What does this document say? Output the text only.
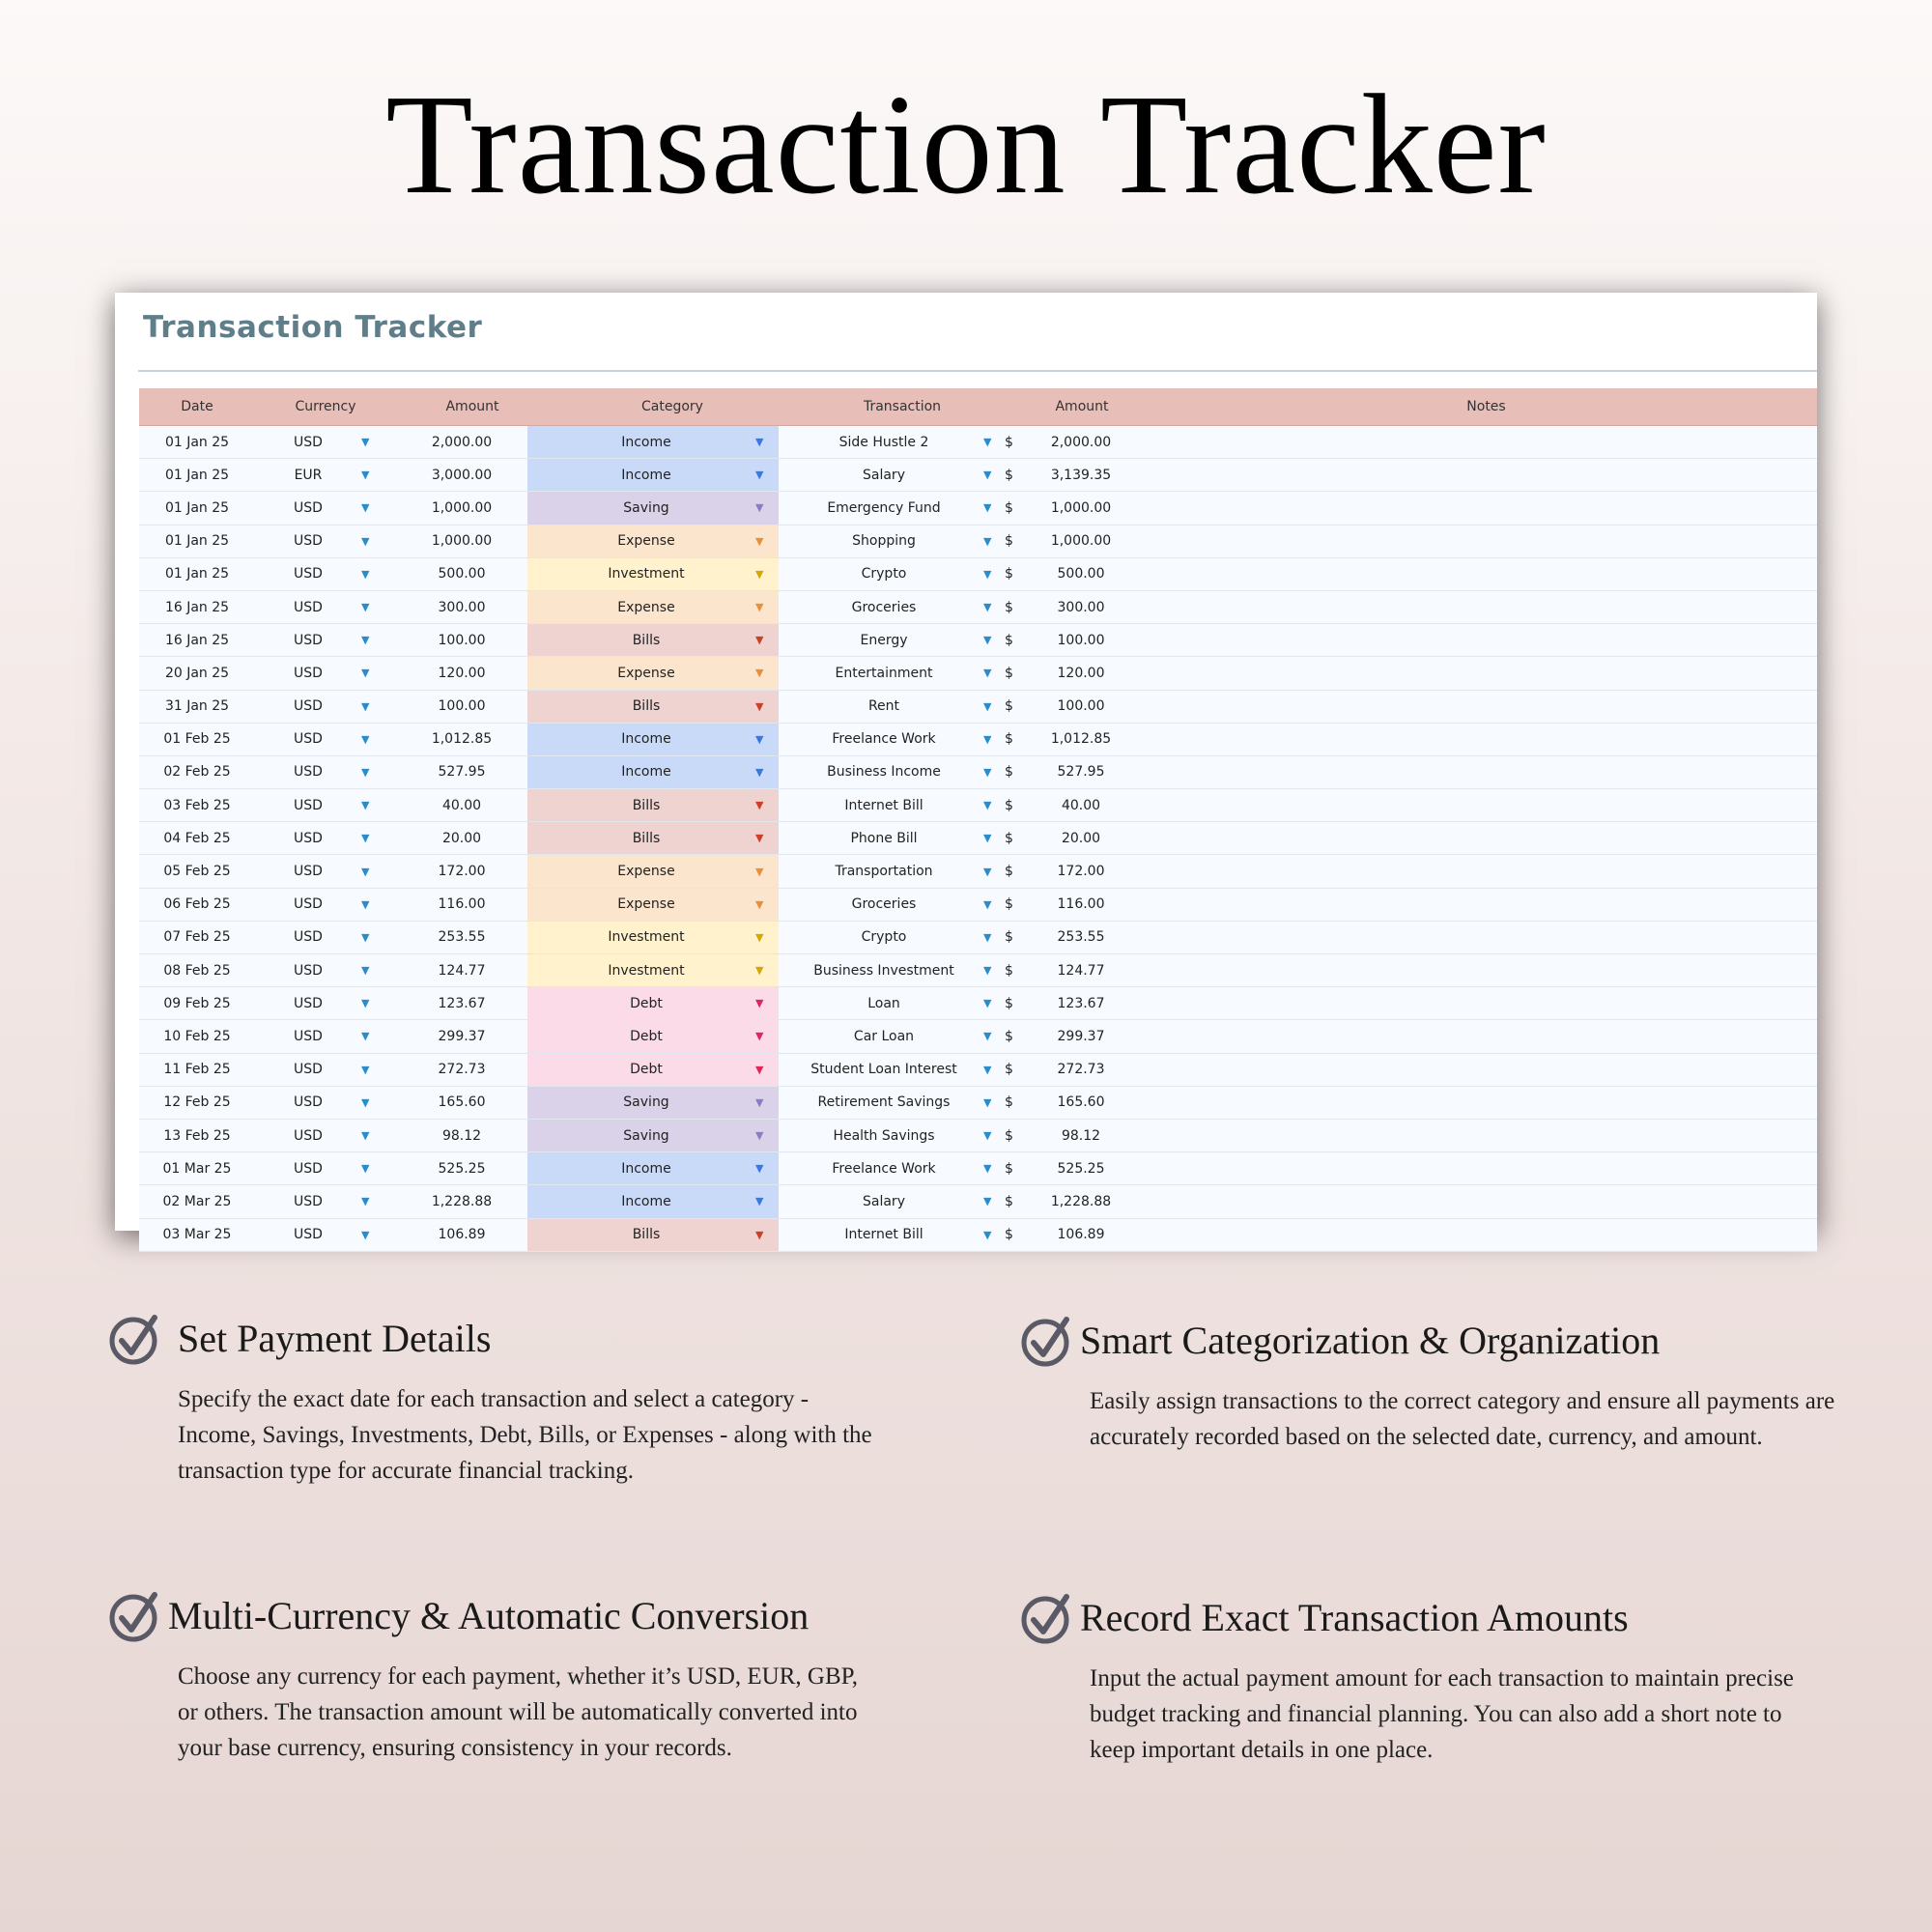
Transaction Tracker
Transaction Tracker
Date	Currency	Amount	Category	Transaction	Amount	Notes
01 Jan 25	USD	▼	2,000.00	Income	▼	Side Hustle 2	▼ $	2,000.00
01 Jan 25	EUR	▼	3,000.00	Income	▼	Salary	▼ $	3,139.35
01 Jan 25	USD	▼	1,000.00	Saving	▼	Emergency Fund	▼ $	1,000.00
01 Jan 25	USD	▼	1,000.00	Expense	▼	Shopping	▼ $	1,000.00
01 Jan 25	USD	▼	500.00	Investment	▼	Crypto	▼ $	500.00
16 Jan 25	USD	▼	300.00	Expense	▼	Groceries	▼ $	300.00
16 Jan 25	USD	▼	100.00	Bills	▼	Energy	▼ $	100.00
20 Jan 25	USD	▼	120.00	Expense	▼	Entertainment	▼ $	120.00
31 Jan 25	USD	▼	100.00	Bills	▼	Rent	▼ $	100.00
01 Feb 25	USD	▼	1,012.85	Income	▼	Freelance Work	▼ $	1,012.85
02 Feb 25	USD	▼	527.95	Income	▼	Business Income	▼ $	527.95
03 Feb 25	USD	▼	40.00	Bills	▼	Internet Bill	▼ $	40.00
04 Feb 25	USD	▼	20.00	Bills	▼	Phone Bill	▼ $	20.00
05 Feb 25	USD	▼	172.00	Expense	▼	Transportation	▼ $	172.00
06 Feb 25	USD	▼	116.00	Expense	▼	Groceries	▼ $	116.00
07 Feb 25	USD	▼	253.55	Investment	▼	Crypto	▼ $	253.55
08 Feb 25	USD	▼	124.77	Investment	▼	Business Investment	▼ $	124.77
09 Feb 25	USD	▼	123.67	Debt	▼	Loan	▼ $	123.67
10 Feb 25	USD	▼	299.37	Debt	▼	Car Loan	▼ $	299.37
11 Feb 25	USD	▼	272.73	Debt	▼	Student Loan Interest	▼ $	272.73
12 Feb 25	USD	▼	165.60	Saving	▼	Retirement Savings	▼ $	165.60
13 Feb 25	USD	▼	98.12	Saving	▼	Health Savings	▼ $	98.12
01 Mar 25	USD	▼	525.25	Income	▼	Freelance Work	▼ $	525.25
02 Mar 25	USD	▼	1,228.88	Income	▼	Salary	▼ $	1,228.88
03 Mar 25	USD	▼	106.89	Bills	▼	Internet Bill	▼ $	106.89
Set Payment Details

Specify the exact date for each transaction and select a category - Income, Savings, Investments, Debt, Bills, or Expenses - along with the transaction type for accurate financial tracking.

Smart Categorization & Organization

Easily assign transactions to the correct category and ensure all payments are accurately recorded based on the selected date, currency, and amount.

Multi-Currency & Automatic Conversion

Choose any currency for each payment, whether it’s USD, EUR, GBP, or others. The transaction amount will be automatically converted into your base currency, ensuring consistency in your records.

Record Exact Transaction Amounts

Input the actual payment amount for each transaction to maintain precise budget tracking and financial planning. You can also add a short note to keep important details in one place.
